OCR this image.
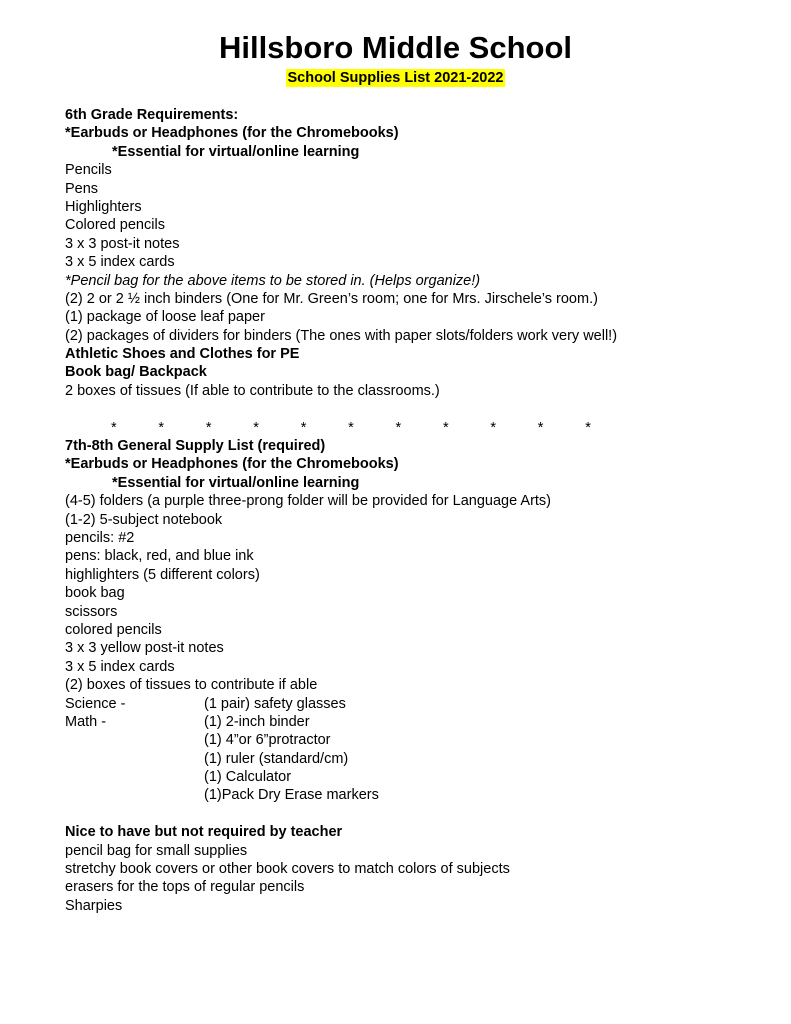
Hillsboro Middle School
School Supplies List 2021-2022
6th Grade Requirements:
*Earbuds or Headphones (for the Chromebooks)
*Essential for virtual/online learning
Pencils
Pens
Highlighters
Colored pencils
3 x 3 post-it notes
3 x 5 index cards
*Pencil bag for the above items to be stored in. (Helps organize!)
(2) 2 or 2 ½ inch binders (One for Mr. Green’s room; one for Mrs. Jirschele’s room.)
(1) package of loose leaf paper
(2) packages of dividers for binders (The ones with paper slots/folders work very well!)
Athletic Shoes and Clothes for PE
Book bag/ Backpack
2 boxes of tissues (If able to contribute to the classrooms.)
*	*	*	*	*	*	*	*	*	*	*
7th-8th General Supply List (required)
*Earbuds or Headphones (for the Chromebooks)
*Essential for virtual/online learning
(4-5) folders (a purple three-prong folder will be provided for Language Arts)
(1-2) 5-subject notebook
pencils: #2
pens: black, red, and blue ink
highlighters (5 different colors)
book bag
scissors
colored pencils
3 x 3 yellow post-it notes
3 x 5 index cards
(2) boxes of tissues to contribute if able
Science -	(1 pair) safety glasses
Math -	(1) 2-inch binder
(1) 4”or 6”protractor
(1) ruler (standard/cm)
(1) Calculator
(1)Pack Dry Erase markers
Nice to have but not required by teacher
pencil bag for small supplies
stretchy book covers or other book covers to match colors of subjects
erasers for the tops of regular pencils
Sharpies
